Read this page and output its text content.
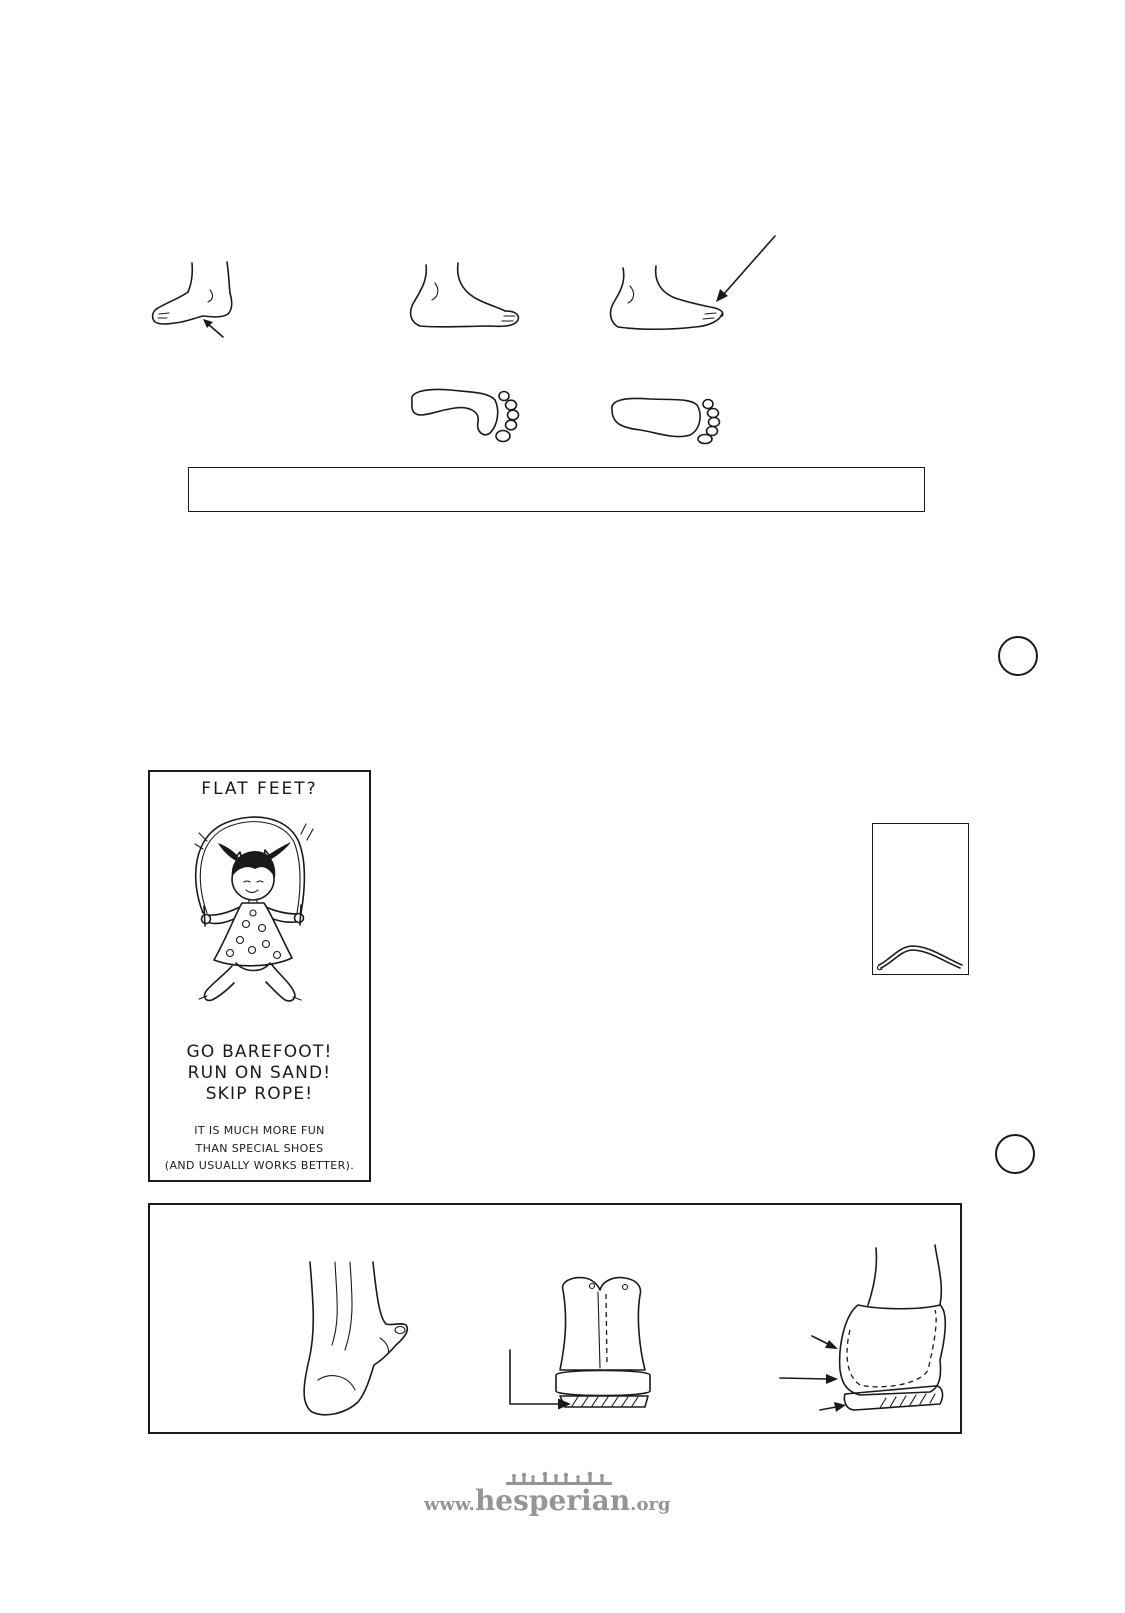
FLAT FEET?
GO BAREFOOT!
RUN ON SAND!
SKIP ROPE!
IT IS MUCH MORE FUN
THAN SPECIAL SHOES
(AND USUALLY WORKS BETTER).
www.hesperian.org
